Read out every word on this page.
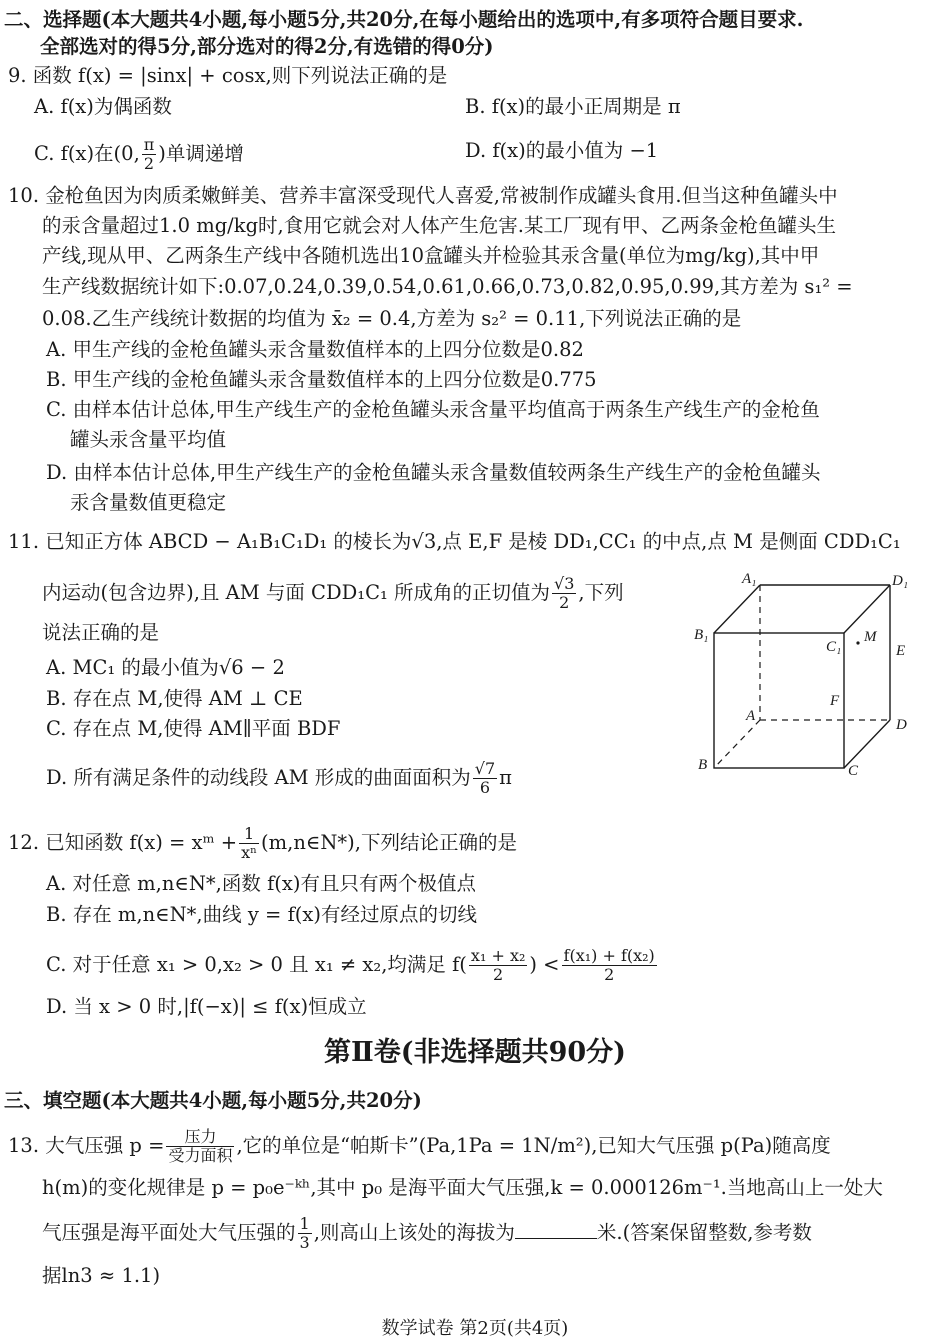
二、选择题(本大题共4小题,每小题5分,共20分,在每小题给出的选项中,有多项符合题目要求.
全部选对的得5分,部分选对的得2分,有选错的得0分)
9. 函数 f(x) = |sinx| + cosx,则下列说法正确的是
A. f(x)为偶函数	B. f(x)的最小正周期是 π
C. f(x)在(0, $\frac{\pi}{2}$ )单调递增	D. f(x)的最小值为 −1
10. 金枪鱼因为肉质柔嫩鲜美、营养丰富深受现代人喜爱,常被制作成罐头食用.但当这种鱼罐头中
的汞含量超过1.0 mg/kg时,食用它就会对人体产生危害.某工厂现有甲、乙两条金枪鱼罐头生
产线,现从甲、乙两条生产线中各随机选出10盒罐头并检验其汞含量(单位为mg/kg),其中甲
生产线数据统计如下:0.07,0.24,0.39,0.54,0.61,0.66,0.73,0.82,0.95,0.99,其方差为 s₁² =
0.08.乙生产线统计数据的均值为 x̄₂ = 0.4,方差为 s₂² = 0.11,下列说法正确的是
A. 甲生产线的金枪鱼罐头汞含量数值样本的上四分位数是0.82
B. 甲生产线的金枪鱼罐头汞含量数值样本的上四分位数是0.775
C. 由样本估计总体,甲生产线生产的金枪鱼罐头汞含量平均值高于两条生产线生产的金枪鱼
罐头汞含量平均值
D. 由样本估计总体,甲生产线生产的金枪鱼罐头汞含量数值较两条生产线生产的金枪鱼罐头
汞含量数值更稳定
11. 已知正方体 ABCD − A₁B₁C₁D₁ 的棱长为√3,点 E,F 是棱 DD₁,CC₁ 的中点,点 M 是侧面 CDD₁C₁
内运动(包含边界),且 AM 与面 CDD₁C₁ 所成角的正切值为 $\frac{√3}{2}$ ,下列
说法正确的是
A. MC₁ 的最小值为√6 − 2
B. 存在点 M,使得 AM ⊥ CE
C. 存在点 M,使得 AM∥平面 BDF
D. 所有满足条件的动线段 AM 形成的曲面面积为 $\frac{√7}{6}$ π
A₁	D₁
B₁
C₁
M
E
F
A
D
B	C
12. 已知函数 f(x) = xᵐ + $\frac{1}{\text{xⁿ}}$ (m,n∈N*),下列结论正确的是
A. 对任意 m,n∈N*,函数 f(x)有且只有两个极值点
B. 存在 m,n∈N*,曲线 y = f(x)有经过原点的切线
C. 对于任意 x₁ > 0,x₂ > 0 且 x₁ ≠ x₂,均满足 $f( \frac{\text{x₁ + x₂}}{2}$ ) < $\frac{\text{f(x₁) + f(x₂)}}{2}$
D. 当 x > 0 时,|f(−x)| ≤ f(x)恒成立
第Ⅱ卷(非选择题共90分)
三、填空题(本大题共4小题,每小题5分,共20分)
13. 大气压强 $p = \frac{\text{压力}}{\text{受力面积}}$ ,它的单位是“帕斯卡”(Pa,1Pa = 1N/m²),已知大气压强 p(Pa)随高度
h(m)的变化规律是 p = p₀e⁻ᵏʰ,其中 p₀ 是海平面大气压强,k = 0.000126m⁻¹.当地高山上一处大
气压强是海平面处大气压强的 $\frac{1}{3}$ ,则高山上该处的海拔为	米.(答案保留整数,参考数
据ln3 ≈ 1.1)
数学试卷 第2页(共4页)
